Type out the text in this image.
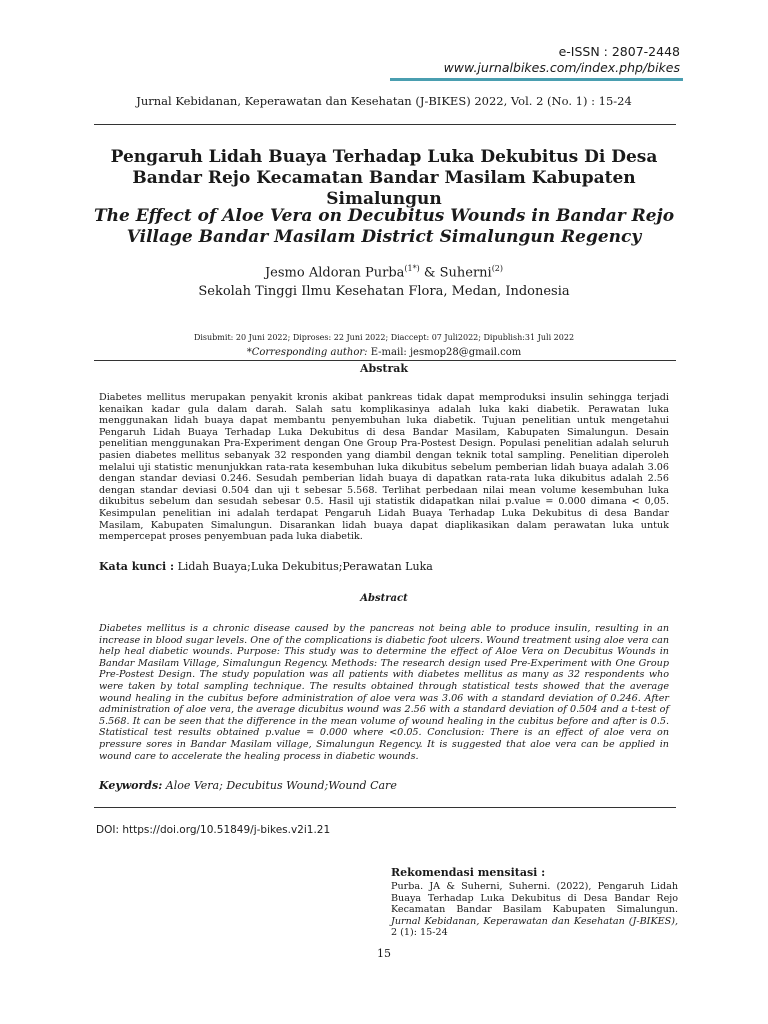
e-ISSN : 2807-2448
www.jurnalbikes.com/index.php/bikes
Jurnal Kebidanan, Keperawatan dan Kesehatan (J-BIKES) 2022, Vol. 2 (No. 1) : 15-24
Pengaruh Lidah Buaya Terhadap Luka Dekubitus Di Desa Bandar Rejo Kecamatan Bandar Masilam Kabupaten Simalungun
The Effect of Aloe Vera on Decubitus Wounds in Bandar Rejo Village Bandar Masilam District Simalungun Regency
Jesmo Aldoran Purba$^{(1*)}$ & Suherni$^{(2)}$
Sekolah Tinggi Ilmu Kesehatan Flora, Medan, Indonesia
Disubmit: 20 Juni 2022; Diproses: 22 Juni 2022; Diaccept: 07 Juli2022; Dipublish:31 Juli 2022
*Corresponding author: E-mail: jesmop28@gmail.com
Abstrak
Diabetes mellitus merupakan penyakit kronis akibat pankreas tidak dapat memproduksi insulin sehingga terjadi kenaikan kadar gula dalam darah. Salah satu komplikasinya adalah luka kaki diabetik. Perawatan luka menggunakan lidah buaya dapat membantu penyembuhan luka diabetik. Tujuan penelitian untuk mengetahui Pengaruh Lidah Buaya Terhadap Luka Dekubitus di desa Bandar Masilam, Kabupaten Simalungun. Desain penelitian menggunakan Pra-Experiment dengan One Group Pra-Postest Design. Populasi penelitian adalah seluruh pasien diabetes mellitus sebanyak 32 responden yang diambil dengan teknik total sampling. Penelitian diperoleh melalui uji statistic menunjukkan rata-rata kesembuhan luka dikubitus sebelum pemberian lidah buaya adalah 3.06 dengan standar deviasi 0.246. Sesudah pemberian lidah buaya di dapatkan rata-rata luka dikubitus adalah 2.56 dengan standar deviasi 0.504 dan uji t sebesar 5.568. Terlihat perbedaan nilai mean volume kesembuhan luka dikubitus sebelum dan sesudah sebesar 0.5. Hasil uji statistik didapatkan nilai p.value = 0.000 dimana < 0,05. Kesimpulan penelitian ini adalah terdapat Pengaruh Lidah Buaya Terhadap Luka Dekubitus di desa Bandar Masilam, Kabupaten Simalungun. Disarankan lidah buaya dapat diaplikasikan dalam perawatan luka untuk mempercepat proses penyembuan pada luka diabetik.
Kata kunci : Lidah Buaya;Luka Dekubitus;Perawatan Luka
Abstract
Diabetes mellitus is a chronic disease caused by the pancreas not being able to produce insulin, resulting in an increase in blood sugar levels. One of the complications is diabetic foot ulcers. Wound treatment using aloe vera can help heal diabetic wounds. Purpose: This study was to determine the effect of Aloe Vera on Decubitus Wounds in Bandar Masilam Village, Simalungun Regency. Methods: The research design used Pre-Experiment with One Group Pre-Postest Design. The study population was all patients with diabetes mellitus as many as 32 respondents who were taken by total sampling technique. The results obtained through statistical tests showed that the average wound healing in the cubitus before administration of aloe vera was 3.06 with a standard deviation of 0.246. After administration of aloe vera, the average dicubitus wound was 2.56 with a standard deviation of 0.504 and a t-test of 5.568. It can be seen that the difference in the mean volume of wound healing in the cubitus before and after is 0.5. Statistical test results obtained p.value = 0.000 where <0.05. Conclusion: There is an effect of aloe vera on pressure sores in Bandar Masilam village, Simalungun Regency. It is suggested that aloe vera can be applied in wound care to accelerate the healing process in diabetic wounds.
Keywords: Aloe Vera; Decubitus Wound;Wound Care
DOI: https://doi.org/10.51849/j-bikes.v2i1.21
Rekomendasi mensitasi :
Purba. JA & Suherni, Suherni. (2022), Pengaruh Lidah Buaya Terhadap Luka Dekubitus di Desa Bandar Rejo Kecamatan Bandar Basilam Kabupaten Simalungun. Jurnal Kebidanan, Keperawatan dan Kesehatan (J-BIKES), 2 (1): 15-24
15
